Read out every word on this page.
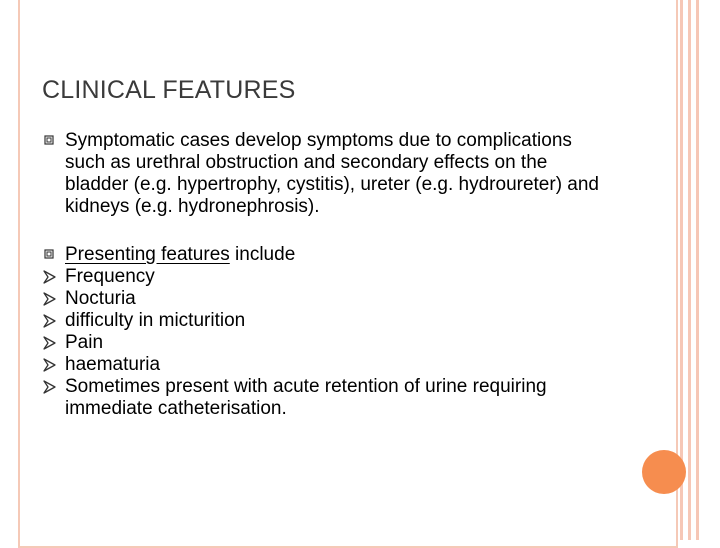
CLINICAL FEATURES
Symptomatic cases develop symptoms due to complications such as urethral obstruction and secondary effects on the bladder (e.g. hypertrophy, cystitis), ureter (e.g. hydroureter) and kidneys (e.g. hydronephrosis).
Presenting features include
Frequency
Nocturia
difficulty in micturition
Pain
haematuria
Sometimes present with acute retention of urine requiring immediate catheterisation.
